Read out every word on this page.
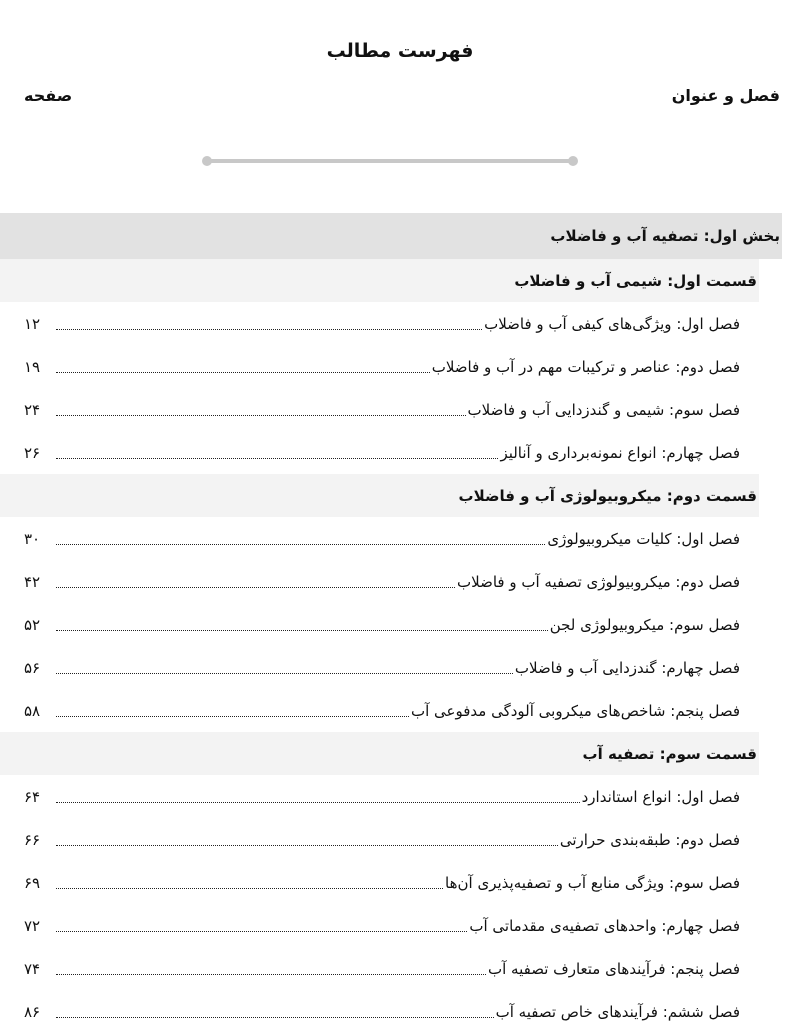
فهرست مطالب
فصل و عنوان
صفحه
بخش اول: تصفیه آب و فاضلاب
قسمت اول: شیمی آب و فاضلاب
فصل اول: ویژگی‌های کیفی آب و فاضلاب
۱۲
فصل دوم: عناصر و ترکیبات مهم در آب و فاضلاب
۱۹
فصل سوم: شیمی و گندزدایی آب و فاضلاب
۲۴
فصل چهارم: انواع نمونه‌برداری و آنالیز
۲۶
قسمت دوم: میکروبیولوژی آب و فاضلاب
فصل اول: کلیات میکروبیولوژی
۳۰
فصل دوم: میکروبیولوژی تصفیه آب و فاضلاب
۴۲
فصل سوم: میکروبیولوژی لجن
۵۲
فصل چهارم: گندزدایی آب و فاضلاب
۵۶
فصل پنجم: شاخص‌های میکروبی آلودگی مدفوعی آب
۵۸
قسمت سوم: تصفیه آب
فصل اول: انواع استاندارد
۶۴
فصل دوم: طبقه‌بندی حرارتی
۶۶
فصل سوم: ویژگی منابع آب و تصفیه‌پذیری آن‌ها
۶۹
فصل چهارم: واحدهای تصفیه‌ی مقدماتی آب
۷۲
فصل پنجم: فرآیندهای متعارف تصفیه آب
۷۴
فصل ششم: فرآیندهای خاص تصفیه آب
۸۶
